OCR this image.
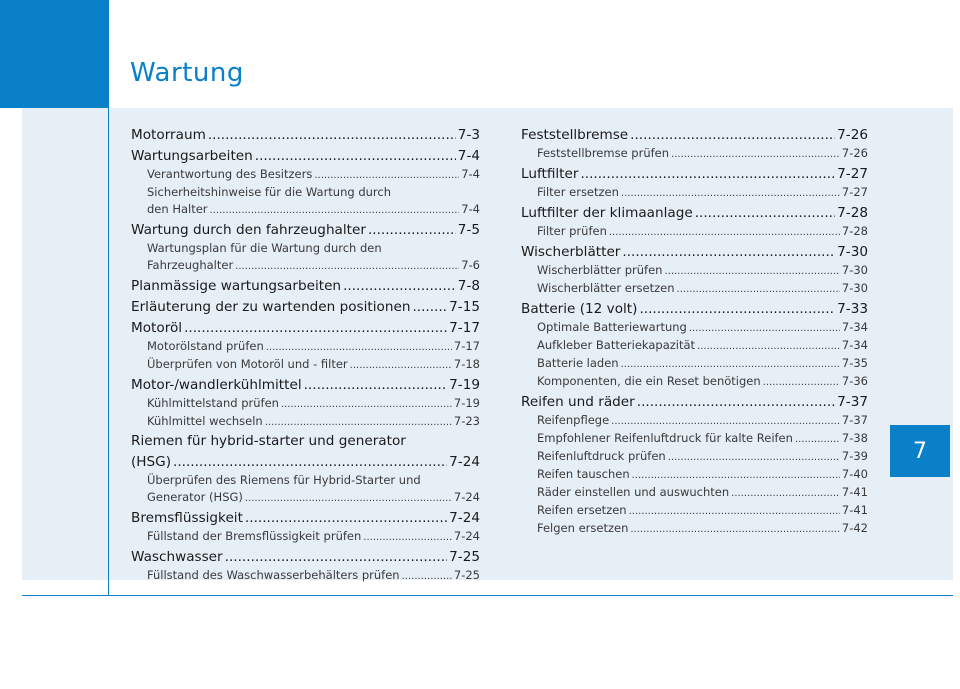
Wartung
7
Motorraum .....	7-3
Wartungsarbeiten .....	7-4
Verantwortung des Besitzers .....	7-4
Sicherheitshinweise für die Wartung durch
den Halter .....	7-4
Wartung durch den fahrzeughalter .....	7-5
Wartungsplan für die Wartung durch den
Fahrzeughalter .....	7-6
Planmässige wartungsarbeiten .....	7-8
Erläuterung der zu wartenden positionen .....	7-15
Motoröl .....	7-17
Motorölstand prüfen .....	7-17
Überprüfen von Motoröl und - filter .....	7-18
Motor-/wandlerkühlmittel .....	7-19
Kühlmittelstand prüfen .....	7-19
Kühlmittel wechseln .....	7-23
Riemen für hybrid-starter und generator
(HSG) .....	7-24
Überprüfen des Riemens für Hybrid-Starter und
Generator (HSG) .....	7-24
Bremsflüssigkeit .....	7-24
Füllstand der Bremsflüssigkeit prüfen .....	7-24
Waschwasser .....	7-25
Füllstand des Waschwasserbehälters prüfen .....	7-25
Feststellbremse .....	7-26
Feststellbremse prüfen .....	7-26
Luftfilter .....	7-27
Filter ersetzen .....	7-27
Luftfilter der klimaanlage .....	7-28
Filter prüfen .....	7-28
Wischerblätter .....	7-30
Wischerblätter prüfen .....	7-30
Wischerblätter ersetzen .....	7-30
Batterie (12 volt) .....	7-33
Optimale Batteriewartung .....	7-34
Aufkleber Batteriekapazität .....	7-34
Batterie laden .....	7-35
Komponenten, die ein Reset benötigen .....	7-36
Reifen und räder .....	7-37
Reifenpflege .....	7-37
Empfohlener Reifenluftdruck für kalte Reifen .....	7-38
Reifenluftdruck prüfen .....	7-39
Reifen tauschen .....	7-40
Räder einstellen und auswuchten .....	7-41
Reifen ersetzen .....	7-41
Felgen ersetzen .....	7-42
